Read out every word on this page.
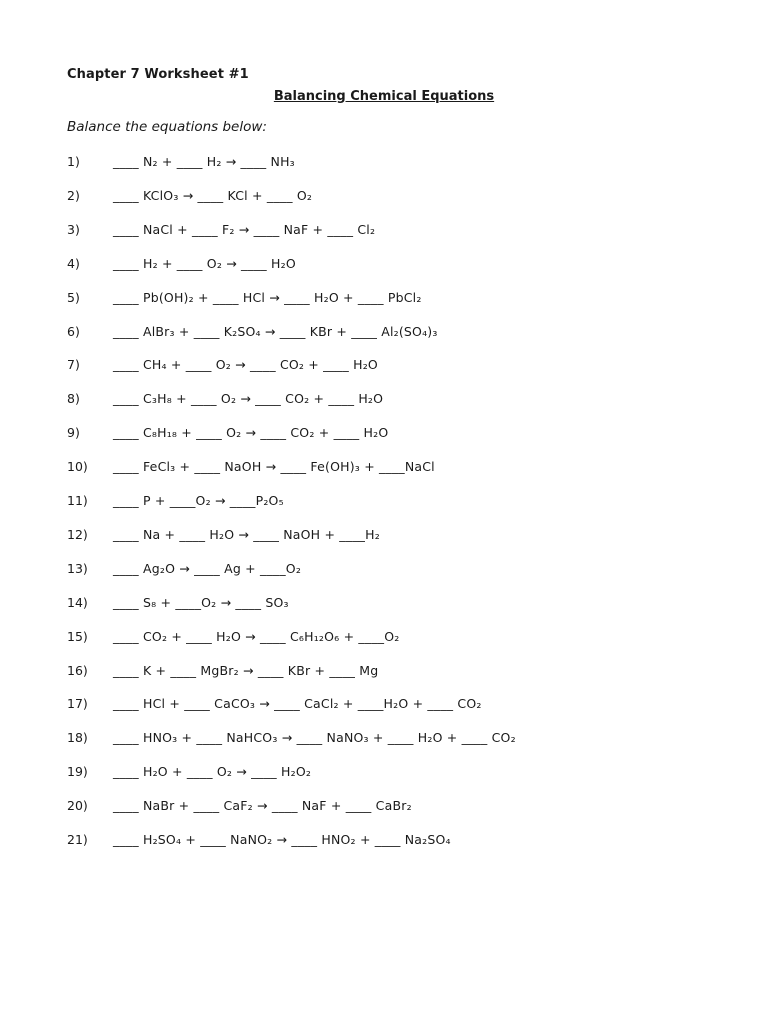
Chapter 7 Worksheet #1
Balancing Chemical Equations
Balance the equations below:
1)	____ N₂ + ____ H₂ → ____ NH₃
2)	____ KClO₃ → ____ KCl + ____ O₂
3)	____ NaCl + ____ F₂ → ____ NaF + ____ Cl₂
4)	____ H₂ + ____ O₂ → ____ H₂O
5)	____ Pb(OH)₂ + ____ HCl → ____ H₂O + ____ PbCl₂
6)	____ AlBr₃ + ____ K₂SO₄ → ____ KBr + ____ Al₂(SO₄)₃
7)	____ CH₄ + ____ O₂ → ____ CO₂ + ____ H₂O
8)	____ C₃H₈ + ____ O₂ → ____ CO₂ + ____ H₂O
9)	____ C₈H₁₈ + ____ O₂ → ____ CO₂ + ____ H₂O
10) ____ FeCl₃ + ____ NaOH → ____ Fe(OH)₃ + ____NaCl
11) ____ P + ____O₂ → ____P₂O₅
12) ____ Na + ____ H₂O → ____ NaOH + ____H₂
13) ____ Ag₂O → ____ Ag + ____O₂
14) ____ S₈ + ____O₂ → ____ SO₃
15) ____ CO₂ + ____ H₂O → ____ C₆H₁₂O₆ + ____O₂
16) ____ K + ____ MgBr₂ → ____ KBr + ____ Mg
17) ____ HCl + ____ CaCO₃ → ____ CaCl₂ + ____H₂O + ____ CO₂
18) ____ HNO₃ + ____ NaHCO₃ → ____ NaNO₃ + ____ H₂O + ____ CO₂
19) ____ H₂O + ____ O₂ → ____ H₂O₂
20) ____ NaBr + ____ CaF₂ → ____ NaF + ____ CaBr₂
21) ____ H₂SO₄ + ____ NaNO₂ → ____ HNO₂ + ____ Na₂SO₄
